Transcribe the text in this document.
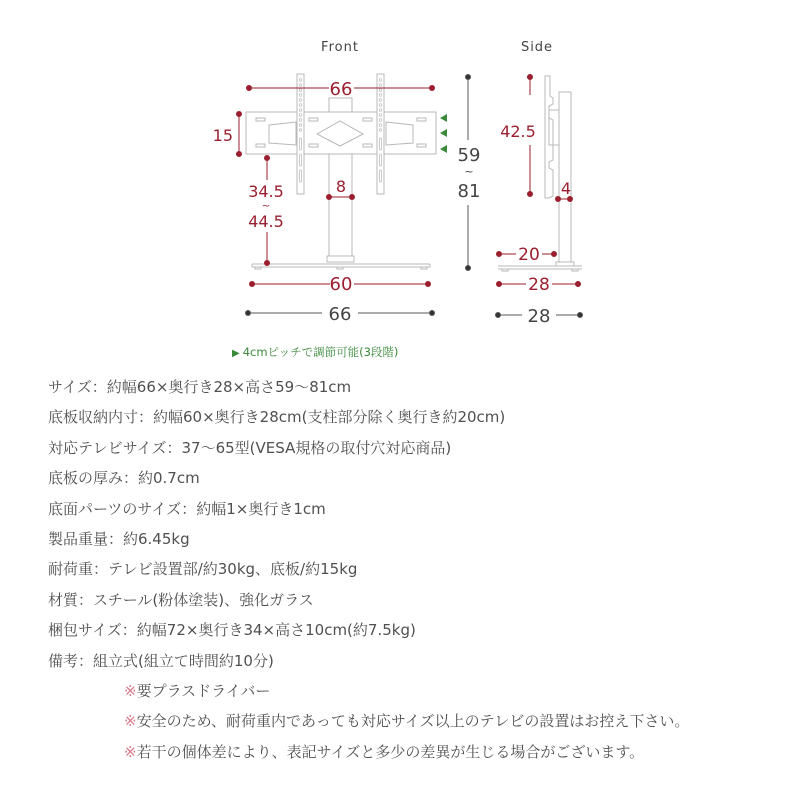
Front
66
15
34.5
~
44.5
8
60
66
59
~
81
Side
42.5
4
20
28
28
▶ 4cmピッチで調節可能(3段階)
サイズ：約幅66×奥行き28×高さ59～81cm
底板収納内寸：約幅60×奥行き28cm(支柱部分除く奥行き約20cm)
対応テレビサイズ：37～65型(VESA規格の取付穴対応商品)
底板の厚み：約0.7cm
底面パーツのサイズ：約幅1×奥行き1cm
製品重量：約6.45kg
耐荷重：テレビ設置部/約30kg、底板/約15kg
材質：スチール(粉体塗装)、強化ガラス
梱包サイズ：約幅72×奥行き34×高さ10cm(約7.5kg)
備考：組立式(組立て時間約10分)
※要プラスドライバー
※安全のため、耐荷重内であっても対応サイズ以上のテレビの設置はお控え下さい。
※若干の個体差により、表記サイズと多少の差異が生じる場合がございます。
